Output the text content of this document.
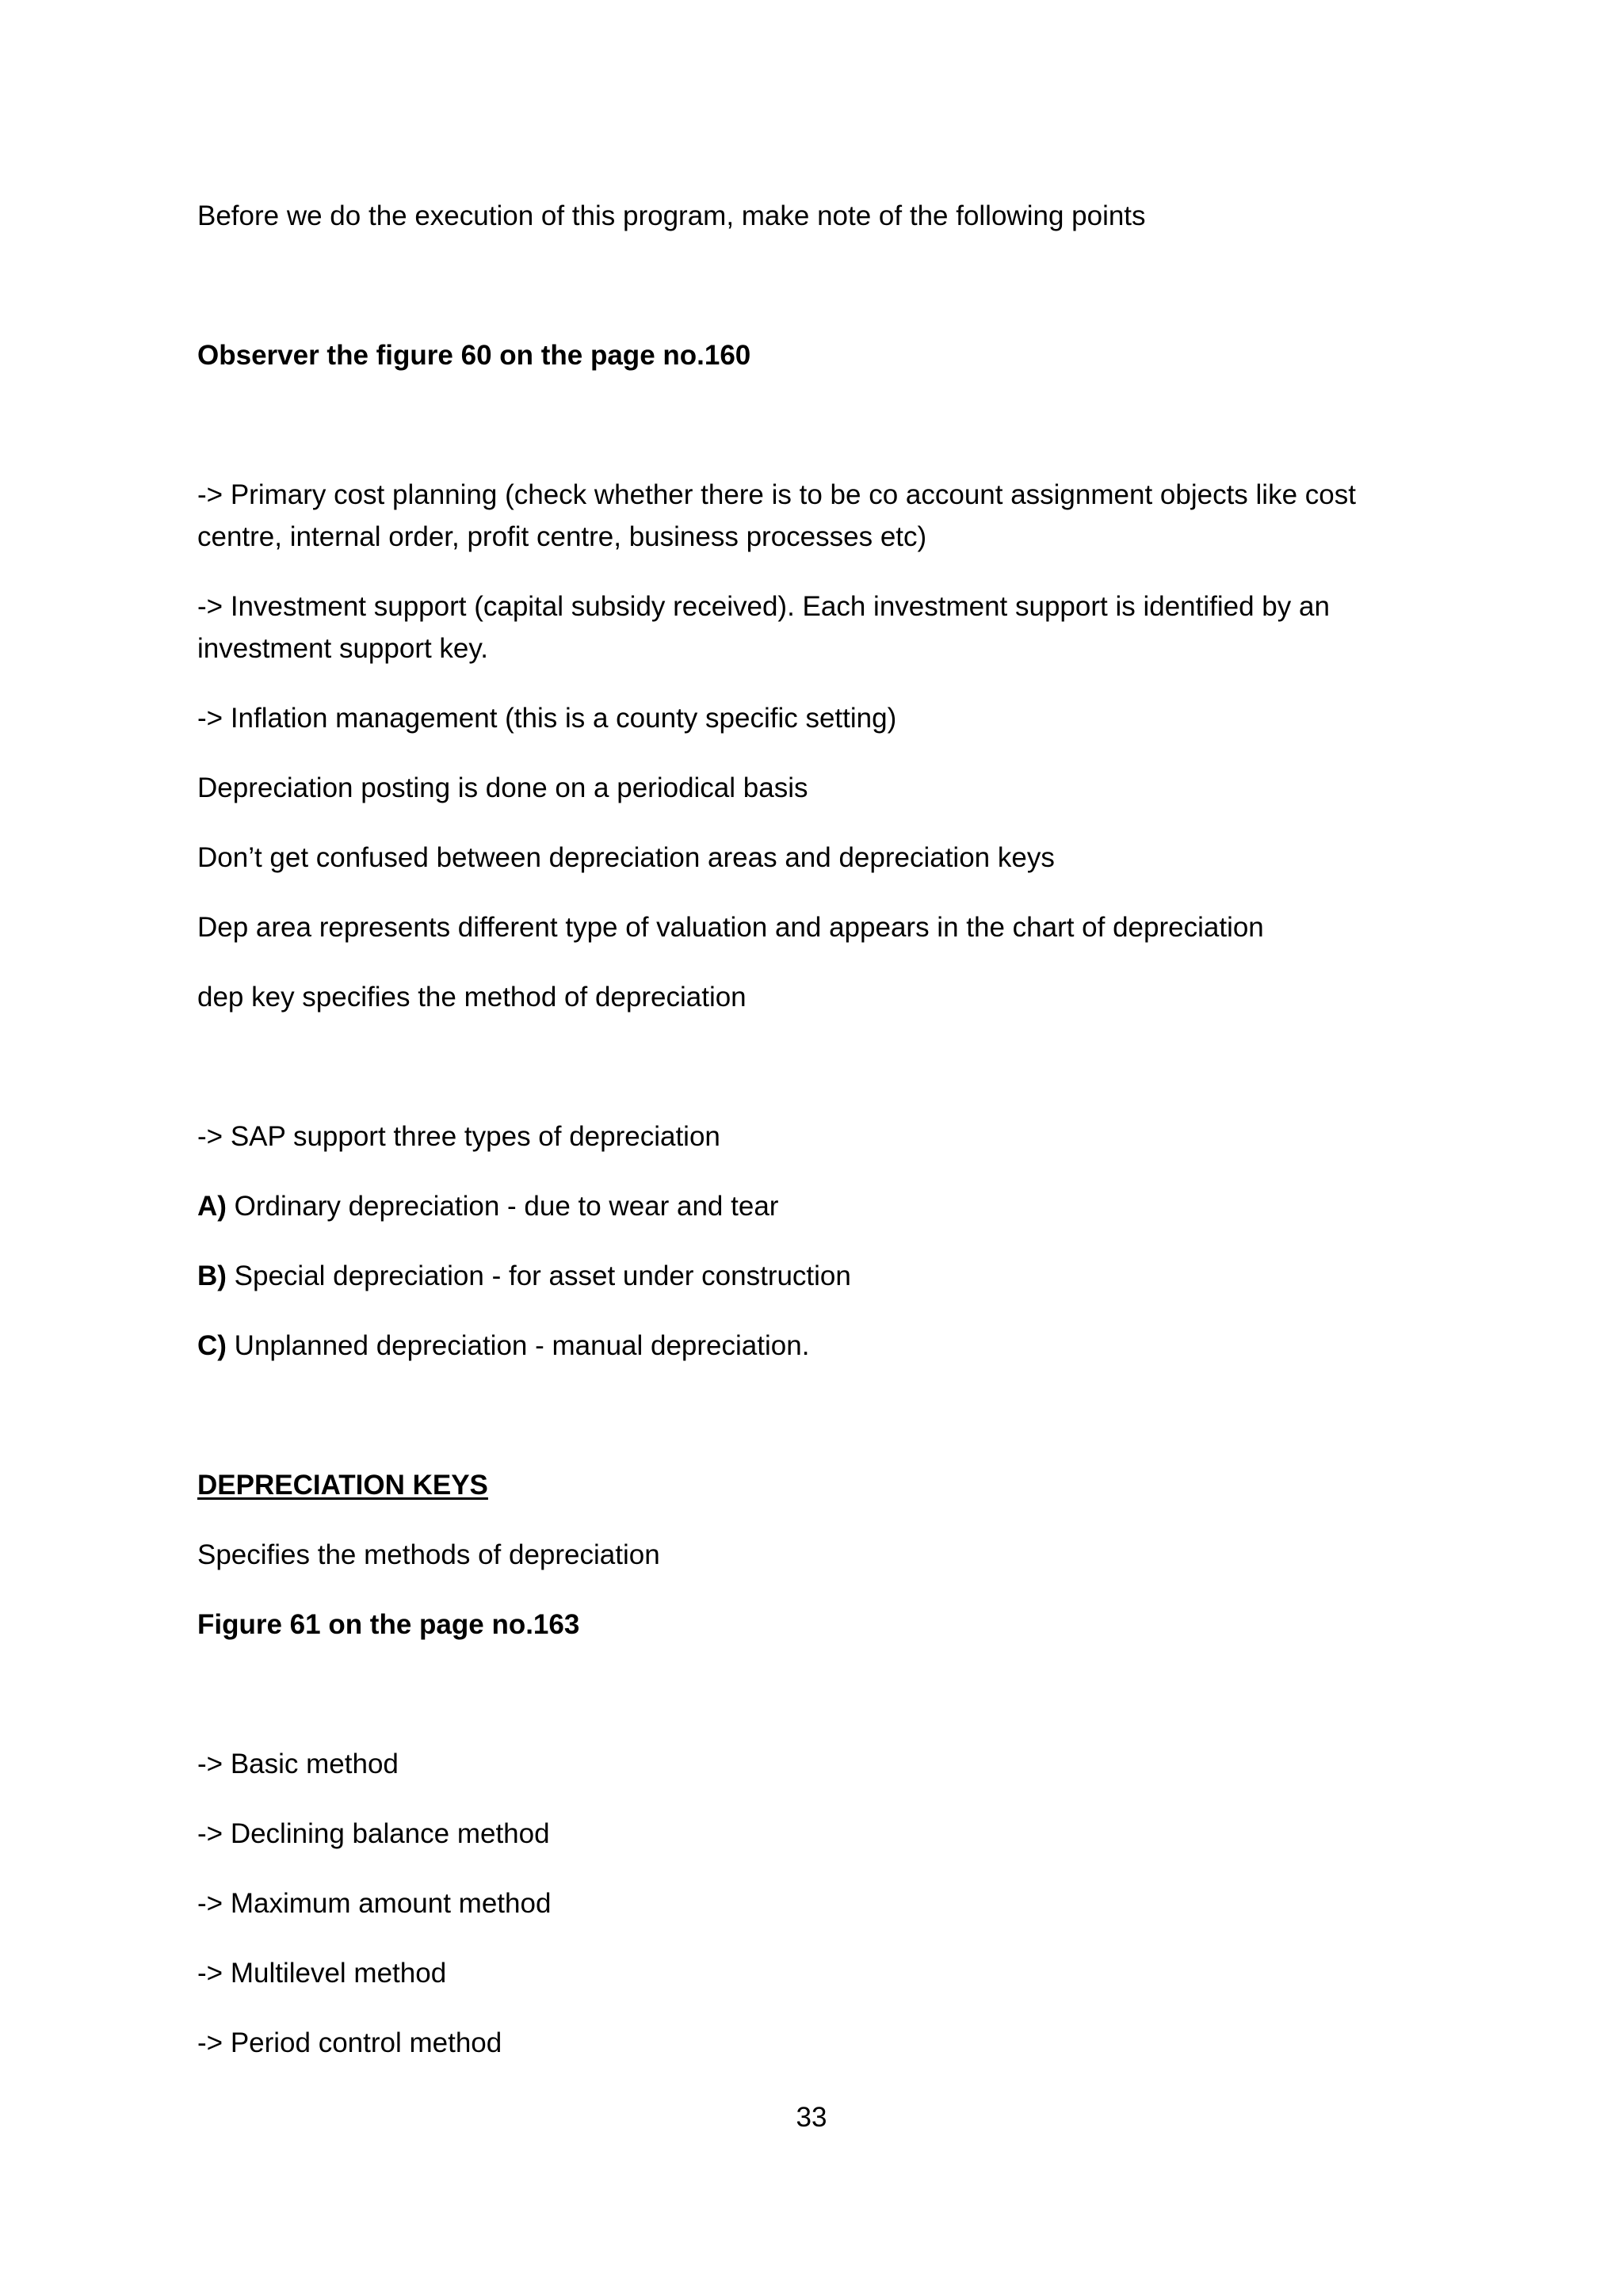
Before we do the execution of this program, make note of the following points

Observer the figure 60 on the page no.160

-> Primary cost planning (check whether there is to be co account assignment objects like cost centre, internal order, profit centre, business processes etc)

-> Investment support (capital subsidy received). Each investment support is identified by an investment support key.

-> Inflation management (this is a county specific setting)

Depreciation posting is done on a periodical basis

Don’t get confused between depreciation areas and depreciation keys

Dep area represents different type of valuation and appears in the chart of depreciation

dep key specifies the method of depreciation

-> SAP support three types of depreciation

A) Ordinary depreciation - due to wear and tear

B) Special depreciation - for asset under construction

C) Unplanned depreciation - manual depreciation.

DEPRECIATION KEYS

Specifies the methods of depreciation

Figure 61 on the page no.163

-> Basic method

-> Declining balance method

-> Maximum amount method

-> Multilevel method

-> Period control method

33
